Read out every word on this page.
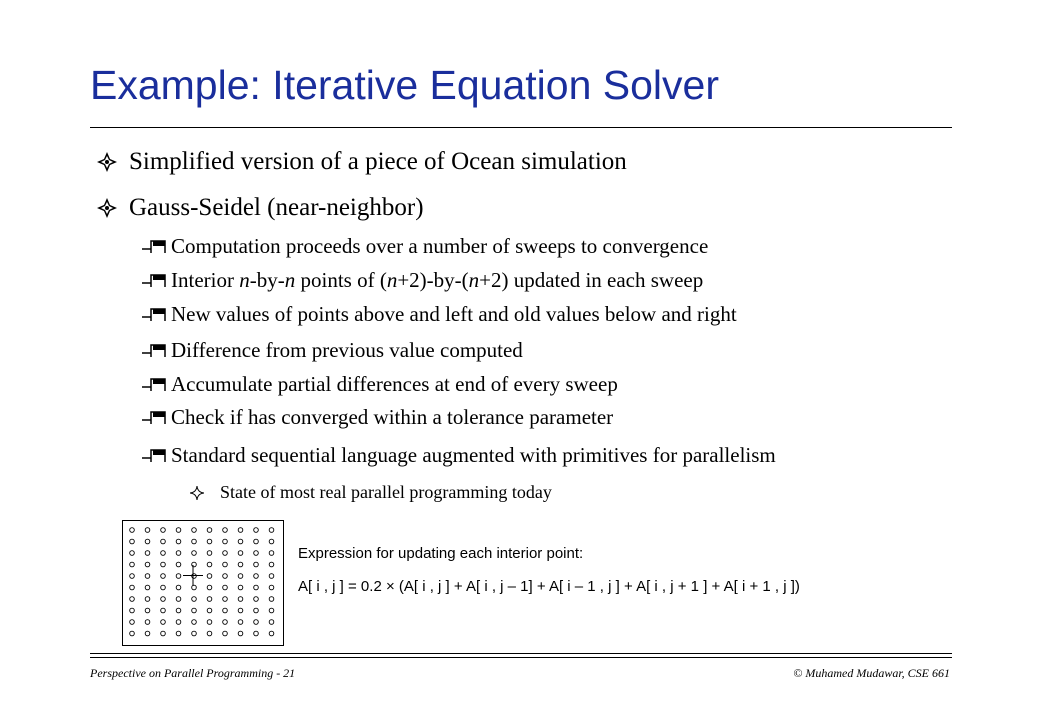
Example: Iterative Equation Solver
Simplified version of a piece of Ocean simulation
Gauss-Seidel (near-neighbor)
Computation proceeds over a number of sweeps to convergence
Interior n-by-n points of (n+2)-by-(n+2) updated in each sweep
New values of points above and left and old values below and right
Difference from previous value computed
Accumulate partial differences at end of every sweep
Check if has converged within a tolerance parameter
Standard sequential language augmented with primitives for parallelism
State of most real parallel programming today
Expression for updating each interior point:
A[ i , j ] = 0.2 × (A[ i , j ] + A[ i , j – 1] + A[ i – 1 , j ] + A[ i , j + 1 ] + A[ i + 1 , j ])
Perspective on Parallel Programming - 21	© Muhamed Mudawar, CSE 661
